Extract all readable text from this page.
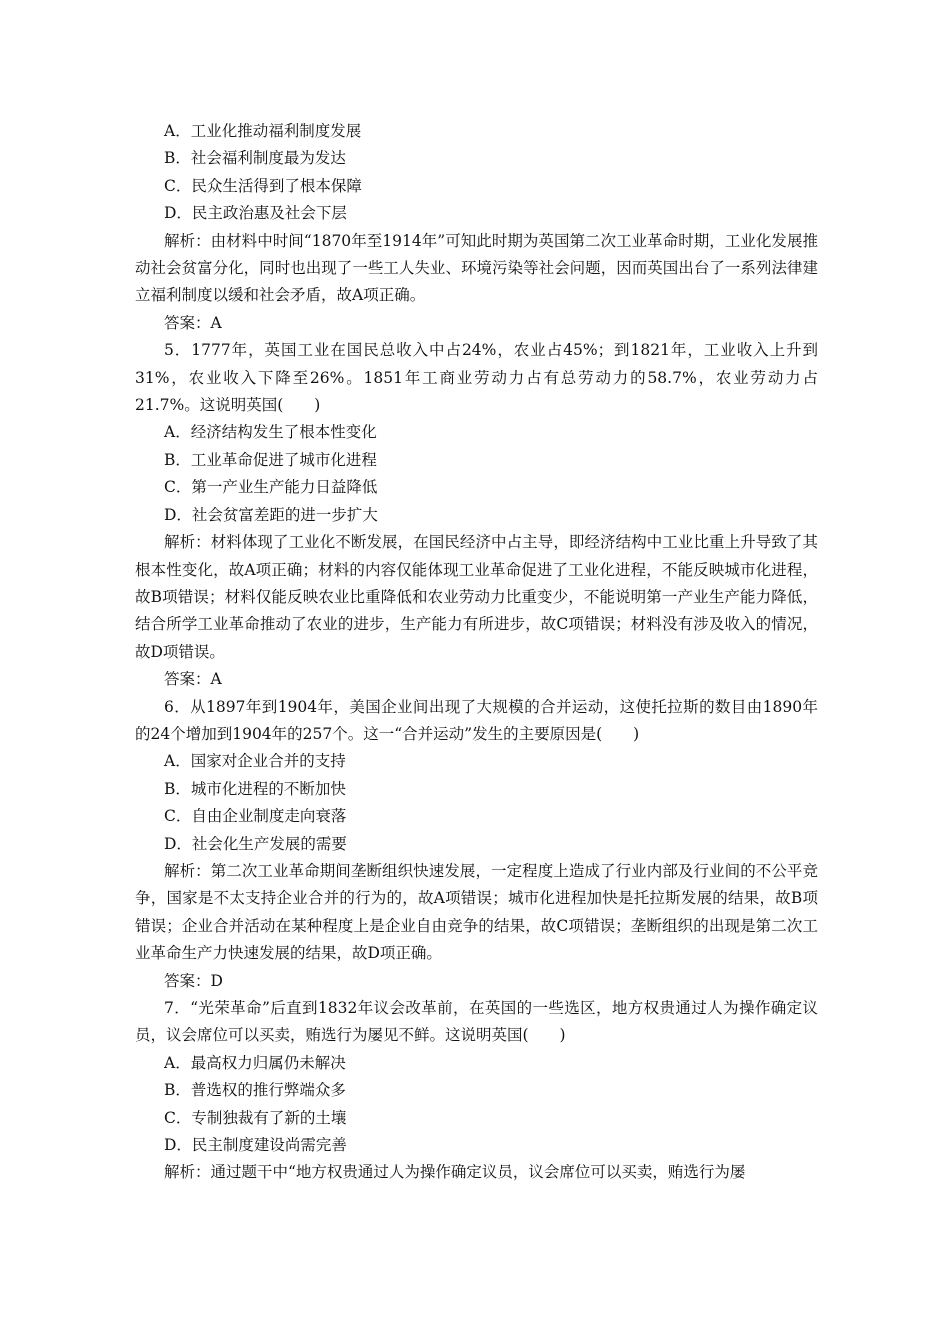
A．工业化推动福利制度发展
B．社会福利制度最为发达
C．民众生活得到了根本保障
D．民主政治惠及社会下层

解析：由材料中时间“1870年至1914年”可知此时期为英国第二次工业革命时期，工业化发展推动社会贫富分化，同时也出现了一些工人失业、环境污染等社会问题，因而英国出台了一系列法律建立福利制度以缓和社会矛盾，故A项正确。

答案：A

5．1777年，英国工业在国民总收入中占24%，农业占45%；到1821年，工业收入上升到31%，农业收入下降至26%。1851年工商业劳动力占有总劳动力的58.7%，农业劳动力占21.7%。这说明英国(　　)

A．经济结构发生了根本性变化
B．工业革命促进了城市化进程
C．第一产业生产能力日益降低
D．社会贫富差距的进一步扩大

解析：材料体现了工业化不断发展，在国民经济中占主导，即经济结构中工业比重上升导致了其根本性变化，故A项正确；材料的内容仅能体现工业革命促进了工业化进程，不能反映城市化进程，故B项错误；材料仅能反映农业比重降低和农业劳动力比重变少，不能说明第一产业生产能力降低，结合所学工业革命推动了农业的进步，生产能力有所进步，故C项错误；材料没有涉及收入的情况，故D项错误。

答案：A

6．从1897年到1904年，美国企业间出现了大规模的合并运动，这使托拉斯的数目由1890年的24个增加到1904年的257个。这一“合并运动”发生的主要原因是(　　)

A．国家对企业合并的支持
B．城市化进程的不断加快
C．自由企业制度走向衰落
D．社会化生产发展的需要

解析：第二次工业革命期间垄断组织快速发展，一定程度上造成了行业内部及行业间的不公平竞争，国家是不太支持企业合并的行为的，故A项错误；城市化进程加快是托拉斯发展的结果，故B项错误；企业合并活动在某种程度上是企业自由竞争的结果，故C项错误；垄断组织的出现是第二次工业革命生产力快速发展的结果，故D项正确。

答案：D

7．“光荣革命”后直到1832年议会改革前，在英国的一些选区，地方权贵通过人为操作确定议员，议会席位可以买卖，贿选行为屡见不鲜。这说明英国(　　)

A．最高权力归属仍未解决
B．普选权的推行弊端众多
C．专制独裁有了新的土壤
D．民主制度建设尚需完善

解析：通过题干中“地方权贵通过人为操作确定议员，议会席位可以买卖，贿选行为屡
